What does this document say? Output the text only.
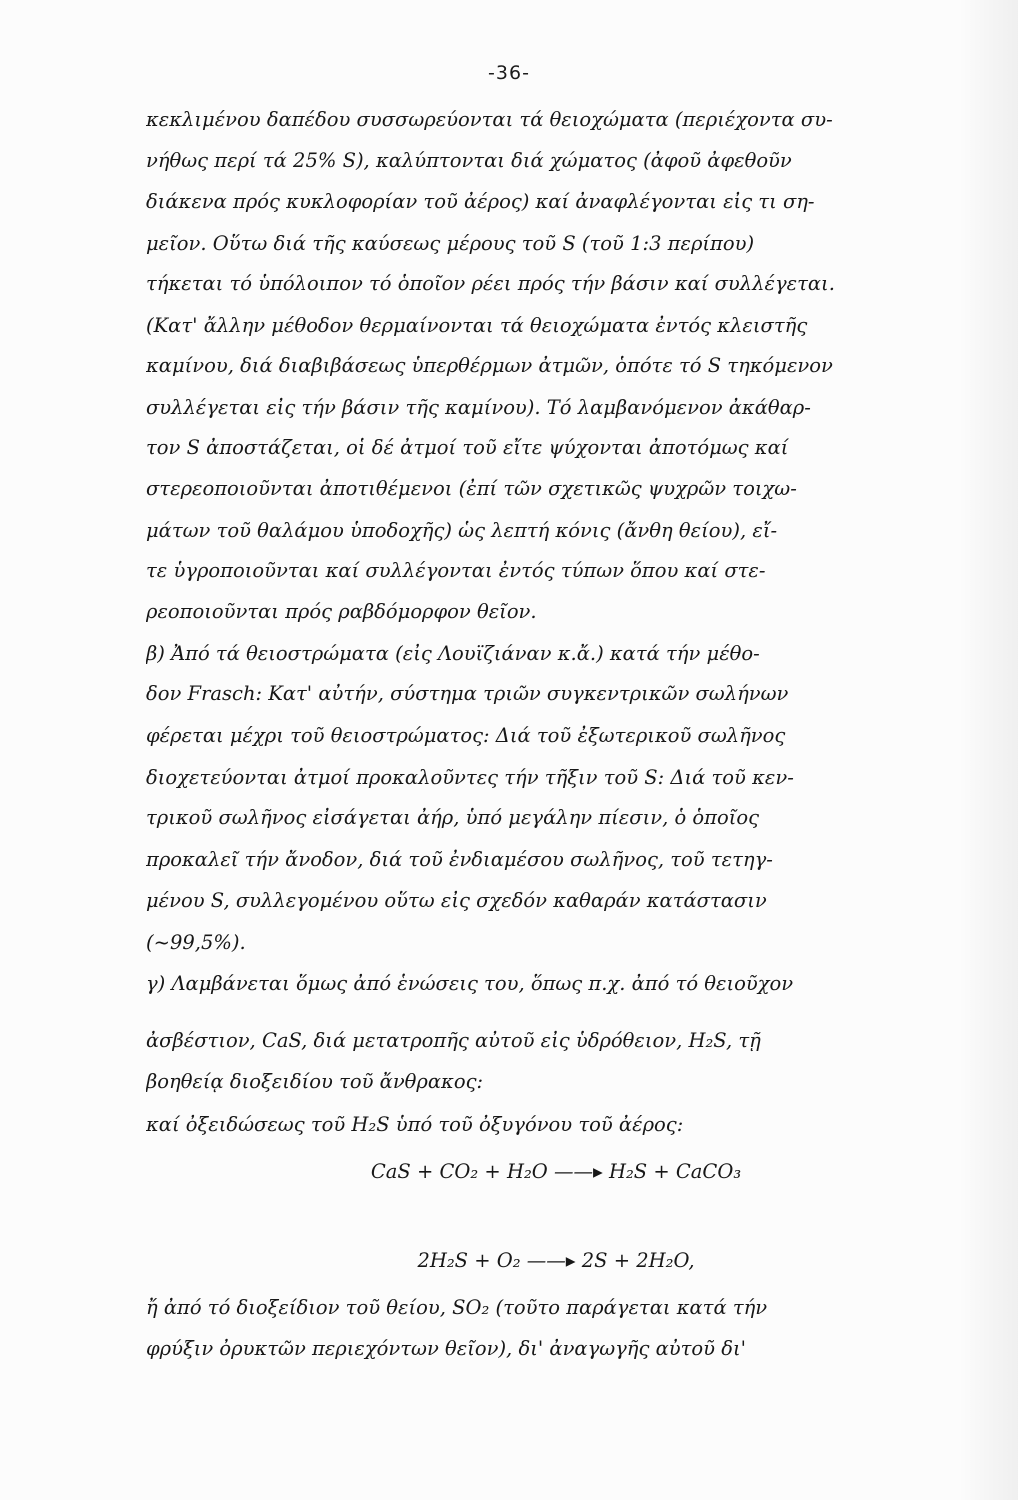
-36-
κεκλιμένου δαπέδου συσσωρεύονται τά θειοχώματα (περιέχοντα συ-
νήθως περί τά 25% S), καλύπτονται διά χώματος (ἀφοῦ ἀφεθοῦν
διάκενα πρός κυκλοφορίαν τοῦ ἀέρος) καί ἀναφλέγονται εἰς τι ση-
μεῖον. Οὕτω διά τῆς καύσεως μέρους τοῦ S (τοῦ 1:3 περίπου)
τήκεται τό ὑπόλοιπον τό ὁποῖον ρέει πρός τήν βάσιν καί συλλέγεται.
(Κατ' ἄλλην μέθοδον θερμαίνονται τά θειοχώματα ἐντός κλειστῆς
καμίνου, διά διαβιβάσεως ὑπερθέρμων ἀτμῶν, ὁπότε τό S τηκόμενον
συλλέγεται εἰς τήν βάσιν τῆς καμίνου). Τό λαμβανόμενον ἀκάθαρ-
τον S ἀποστάζεται, οἱ δέ ἀτμοί τοῦ εἴτε ψύχονται ἀποτόμως καί
στερεοποιοῦνται ἀποτιθέμενοι (ἐπί τῶν σχετικῶς ψυχρῶν τοιχω-
μάτων τοῦ θαλάμου ὑποδοχῆς) ὡς λεπτή κόνις (ἄνθη θείου), εἴ-
τε ὑγροποιοῦνται καί συλλέγονται ἐντός τύπων ὅπου καί στε-
ρεοποιοῦνται πρός ραβδόμορφον θεῖον.
β) Ἀπό τά θειοστρώματα (εἰς Λουϊζιάναν κ.ἄ.) κατά τήν μέθο-
δον Frasch: Κατ' αὐτήν, σύστημα τριῶν συγκεντρικῶν σωλήνων
φέρεται μέχρι τοῦ θειοστρώματος: Διά τοῦ ἐξωτερικοῦ σωλῆνος
διοχετεύονται ἀτμοί προκαλοῦντες τήν τῆξιν τοῦ S: Διά τοῦ κεν-
τρικοῦ σωλῆνος εἰσάγεται ἀήρ, ὑπό μεγάλην πίεσιν, ὁ ὁποῖος
προκαλεῖ τήν ἄνοδον, διά τοῦ ἐνδιαμέσου σωλῆνος, τοῦ τετηγ-
μένου S, συλλεγομένου οὕτω εἰς σχεδόν καθαράν κατάστασιν
(~99,5%).
γ) Λαμβάνεται ὅμως ἀπό ἑνώσεις του, ὅπως π.χ. ἀπό τό θειοῦχον
ἀσβέστιον, CaS, διά μετατροπῆς αὐτοῦ εἰς ὑδρόθειον, H₂S, τῇ
βοηθείᾳ διοξειδίου τοῦ ἄνθρακος:
CaS + CO₂ + H₂O ——▸ H₂S + CaCO₃
καί ὀξειδώσεως τοῦ H₂S ὑπό τοῦ ὀξυγόνου τοῦ ἀέρος:
2H₂S + O₂ ——▸ 2S + 2H₂O,
ἤ ἀπό τό διοξείδιον τοῦ θείου, SO₂ (τοῦτο παράγεται κατά τήν
φρύξιν ὀρυκτῶν περιεχόντων θεῖον), δι' ἀναγωγῆς αὐτοῦ δι'
